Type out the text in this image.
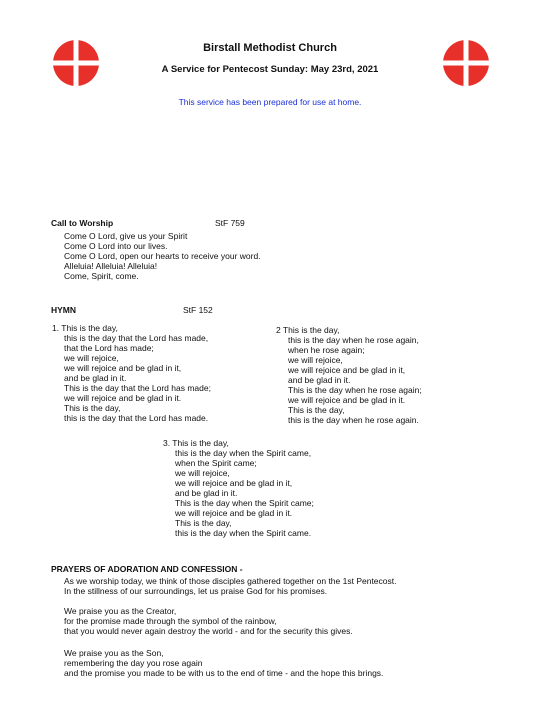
Birstall Methodist Church
A Service for Pentecost Sunday: May 23rd, 2021
This service has been prepared for use at home.
Call to Worship	StF 759
Come O Lord, give us your Spirit
Come O Lord into our lives.
Come O Lord, open our hearts to receive your word.
Alleluia! Alleluia! Alleluia!
Come, Spirit, come.
HYMN	StF 152
1. This is the day,
this is the day that the Lord has made,
that the Lord has made;
we will rejoice,
we will rejoice and be glad in it,
and be glad in it.
This is the day that the Lord has made;
we will rejoice and be glad in it.
This is the day,
this is the day that the Lord has made.
2 This is the day,
this is the day when he rose again,
when he rose again;
we will rejoice,
we will rejoice and be glad in it,
and be glad in it.
This is the day when he rose again;
we will rejoice and be glad in it.
This is the day,
this is the day when he rose again.
3. This is the day,
this is the day when the Spirit came,
when the Spirit came;
we will rejoice,
we will rejoice and be glad in it,
and be glad in it.
This is the day when the Spirit came;
we will rejoice and be glad in it.
This is the day,
this is the day when the Spirit came.
PRAYERS OF ADORATION AND CONFESSION -
As we worship today, we think of those disciples gathered together on the 1st Pentecost.
In the stillness of our surroundings, let us praise God for his promises.
We praise you as the Creator,
for the promise made through the symbol of the rainbow,
that you would never again destroy the world - and for the security this gives.
We praise you as the Son,
remembering the day you rose again
and the promise you made to be with us to the end of time - and the hope this brings.
